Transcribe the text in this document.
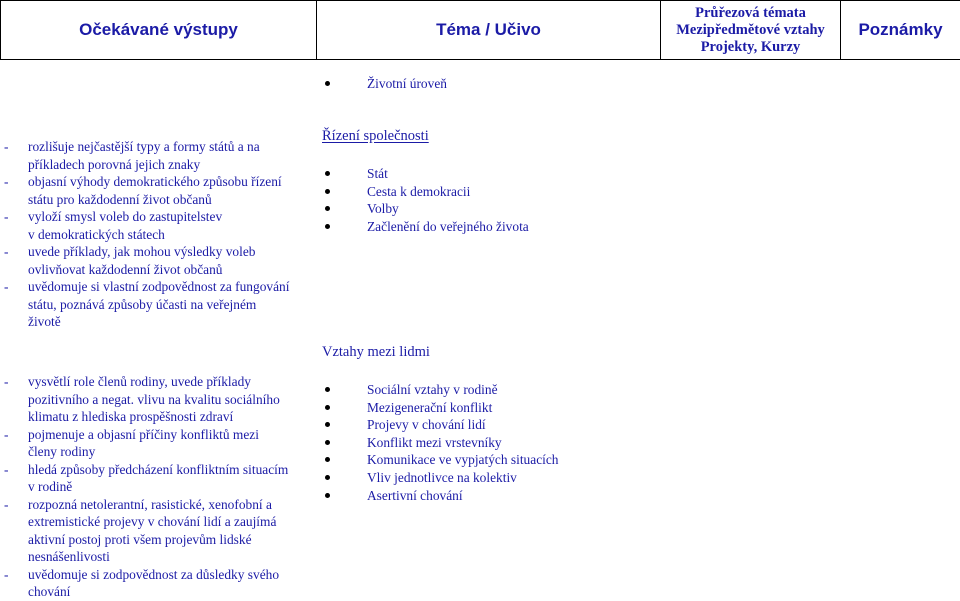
Očekávané výstupy	Téma / Učivo
Průřezová témata
Mezipředmětové vztahy
Projekty, Kurzy
Poznámky
Životní úroveň
- rozlišuje nejčastější typy a formy států a na
příkladech porovná jejich znaky
- objasní výhody demokratického způsobu řízení
státu pro každodenní život občanů
- vyloží smysl voleb do zastupitelstev
v demokratických státech
- uvede příklady, jak mohou výsledky voleb
ovlivňovat každodenní život občanů
- uvědomuje si vlastní zodpovědnost za fungování
státu, poznává způsoby účasti na veřejném
životě
Řízení společnosti
Stát
Cesta k demokracii
Volby
Začlenění do veřejného života
Vztahy mezi lidmi
- vysvětlí role členů rodiny, uvede příklady
pozitivního a negat. vlivu na kvalitu sociálního
klimatu z hlediska prospěšnosti zdraví
- pojmenuje a objasní příčiny konfliktů mezi
členy rodiny
- hledá způsoby předcházení konfliktním situacím
v rodině
- rozpozná netolerantní, rasistické, xenofobní a
extremistické projevy v chování lidí a zaujímá
aktivní postoj proti všem projevům lidské
nesnášenlivosti
- uvědomuje si zodpovědnost za důsledky svého
chování
Sociální vztahy v rodině
Mezigenerační konflikt
Projevy v chování lidí
Konflikt mezi vrstevníky
Komunikace ve vypjatých situacích
Vliv jednotlivce na kolektiv
Asertivní chování
